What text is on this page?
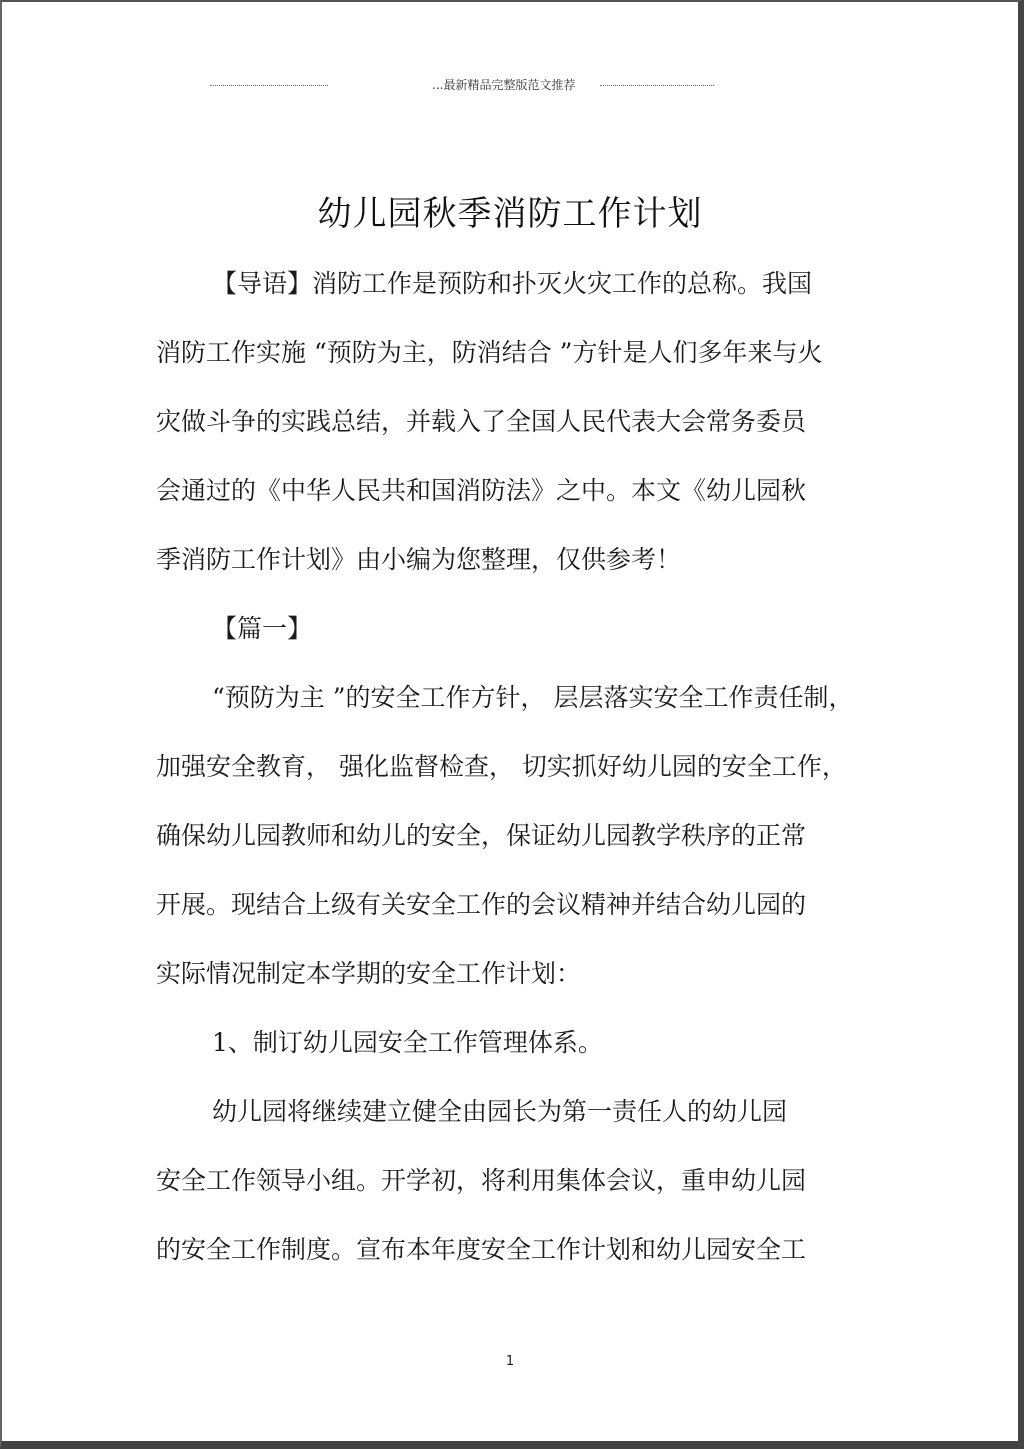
...最新精品完整版范文推荐
幼儿园秋季消防工作计划
【导语】消防工作是预防和扑灭火灾工作的总称。我国
消防工作实施 “预防为主，防消结合 ”方针是人们多年来与火
灾做斗争的实践总结，并载入了全国人民代表大会常务委员
会通过的《中华人民共和国消防法》之中。本文《幼儿园秋
季消防工作计划》由小编为您整理，仅供参考！
【篇一】
“预防为主 ”的安全工作方针， 层层落实安全工作责任制，
加强安全教育， 强化监督检查， 切实抓好幼儿园的安全工作，
确保幼儿园教师和幼儿的安全，保证幼儿园教学秩序的正常
开展。现结合上级有关安全工作的会议精神并结合幼儿园的
实际情况制定本学期的安全工作计划：
1、制订幼儿园安全工作管理体系。
幼儿园将继续建立健全由园长为第一责任人的幼儿园
安全工作领导小组。开学初，将利用集体会议，重申幼儿园
的安全工作制度。宣布本年度安全工作计划和幼儿园安全工
1
